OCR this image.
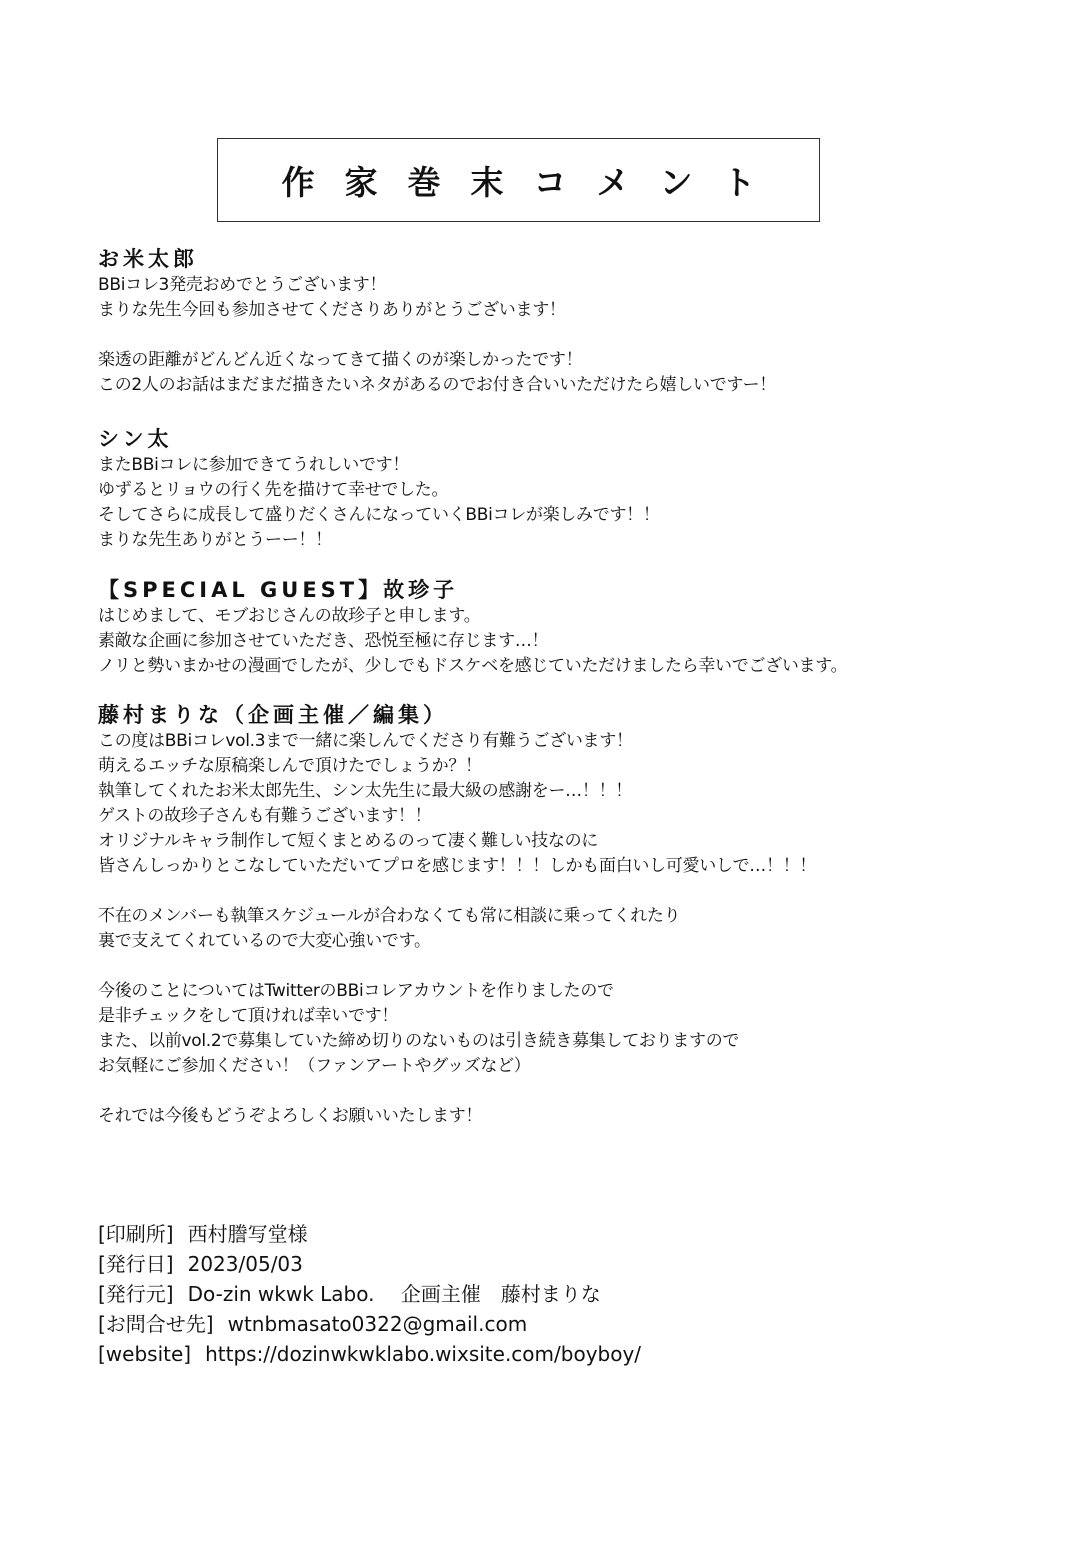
作家巻末コメント
お米太郎
BBiコレ3発売おめでとうございます！
まりな先生今回も参加させてくださりありがとうございます！
楽透の距離がどんどん近くなってきて描くのが楽しかったです！
この2人のお話はまだまだ描きたいネタがあるのでお付き合いいただけたら嬉しいですー！
シン太
またBBiコレに参加できてうれしいです！
ゆずるとリョウの行く先を描けて幸せでした。
そしてさらに成長して盛りだくさんになっていくBBiコレが楽しみです！！
まりな先生ありがとうーー！！
【SPECIAL GUEST】故珍子
はじめまして、モブおじさんの故珍子と申します。
素敵な企画に参加させていただき、恐悦至極に存じます…！
ノリと勢いまかせの漫画でしたが、少しでもドスケベを感じていただけましたら幸いでございます。
藤村まりな（企画主催／編集）
この度はBBiコレvol.3まで一緒に楽しんでくださり有難うございます！
萌えるエッチな原稿楽しんで頂けたでしょうか？！
執筆してくれたお米太郎先生、シン太先生に最大級の感謝をー…！！！
ゲストの故珍子さんも有難うございます！！
オリジナルキャラ制作して短くまとめるのって凄く難しい技なのに
皆さんしっかりとこなしていただいてプロを感じます！！！しかも面白いし可愛いしで…！！！
不在のメンバーも執筆スケジュールが合わなくても常に相談に乗ってくれたり
裏で支えてくれているので大変心強いです。
今後のことについてはTwitterのBBiコレアカウントを作りましたので
是非チェックをして頂ければ幸いです！
また、以前vol.2で募集していた締め切りのないものは引き続き募集しておりますので
お気軽にご参加ください！（ファンアートやグッズなど）
それでは今後もどうぞよろしくお願いいたします！
[印刷所] 西村謄写堂様
[発行日] 2023/05/03
[発行元] Do-zin wkwk Labo.　 企画主催　藤村まりな
[お問合せ先] wtnbmasato0322@gmail.com
[website] https://dozinwkwklabo.wixsite.com/boyboy/
